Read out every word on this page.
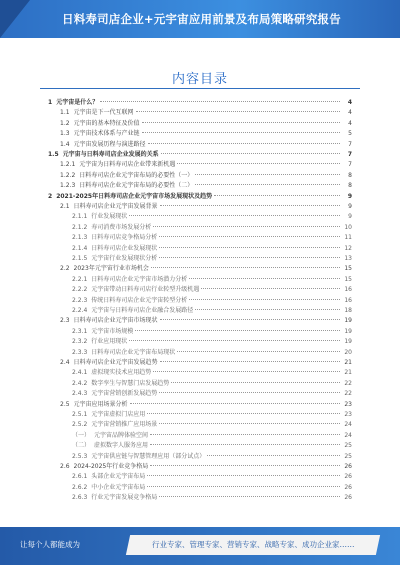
日料寿司店企业+元宇宙应用前景及布局策略研究报告
内容目录
1 元宇宙是什么？	4
1.1 元宇宙是下一代互联网	4
1.2 元宇宙的基本特征及价值	4
1.3 元宇宙技术体系与产业链	5
1.4 元宇宙发展历程与演进路径	7
1.5 元宇宙与日料寿司店企业发展的关系	7
1.2.1 元宇宙为日料寿司店企业带来新机遇	7
1.2.2 日料寿司店企业元宇宙布局的必要性（一）	8
1.2.3 日料寿司店企业元宇宙布局的必要性（二）	8
2 2021-2025年日料寿司店企业元宇宙市场发展现状及趋势	9
2.1 日料寿司店企业元宇宙发展背景	9
2.1.1 行业发展现状	9
2.1.2 寿司消费市场发展分析	10
2.1.3 日料寿司店竞争格局分析	11
2.1.4 日料寿司店企业发展现状	12
2.1.5 元宇宙行业发展现状分析	13
2.2 2023年元宇宙行业市场机会	15
2.2.1 日料寿司店企业元宇宙市场潜力分析	15
2.2.2 元宇宙带动日料寿司店行业转型升级机遇	16
2.2.3 传统日料寿司店企业元宇宙转型分析	16
2.2.4 元宇宙与日料寿司店企业融合发展路径	18
2.3 日料寿司店企业元宇宙市场现状	19
2.3.1 元宇宙市场规模	19
2.3.2 行业应用现状	19
2.3.3 日料寿司店企业元宇宙布局现状	20
2.4 日料寿司店企业元宇宙发展趋势	21
2.4.1 虚拟现实技术应用趋势	21
2.4.2 数字孪生与智慧门店发展趋势	22
2.4.3 元宇宙营销创新发展趋势	22
2.5 元宇宙应用场景分析	23
2.5.1 元宇宙虚拟门店应用	23
2.5.2 元宇宙营销推广应用场景	24
（一） 元宇宙品牌体验空间	24
（二） 虚拟数字人服务应用	25
2.5.3 元宇宙供应链与智慧管理应用（部分试点）	25
2.6 2024-2025年行业竞争格局	26
2.6.1 头部企业元宇宙布局	26
2.6.2 中小企业元宇宙布局	26
2.6.3 行业元宇宙发展竞争格局	26
让每个人都能成为	行业专家、管理专家、营销专家、战略专家、成功企业家……
